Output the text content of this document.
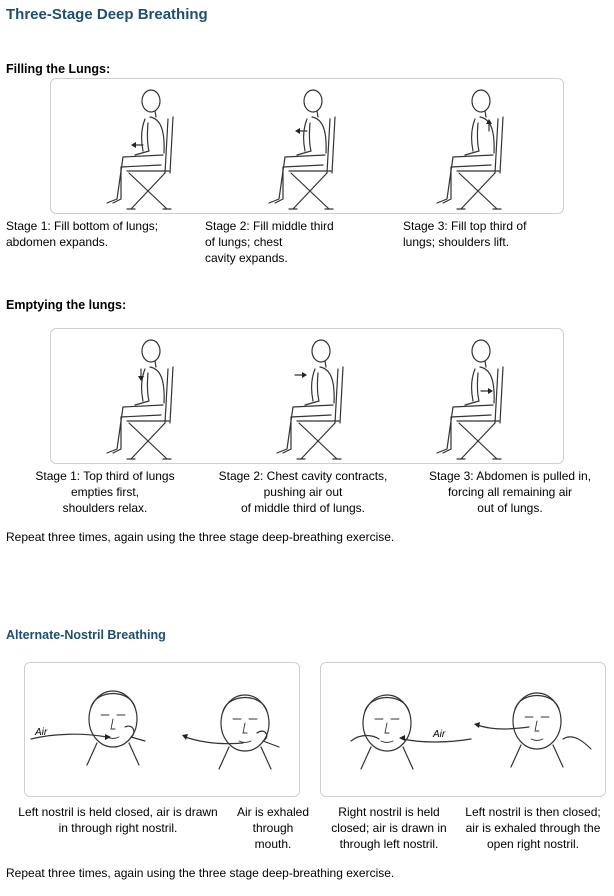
Three-Stage Deep Breathing
Filling the Lungs:
Stage 1: Fill bottom of lungs;
abdomen expands.
Stage 2: Fill middle third
of lungs; chest
cavity expands.
Stage 3: Fill top third of
lungs; shoulders lift.
Emptying the lungs:
Stage 1: Top third of lungs
empties first,
shoulders relax.
Stage 2: Chest cavity contracts,
pushing air out
of middle third of lungs.
Stage 3: Abdomen is pulled in,
forcing all remaining air
out of lungs.
Repeat three times, again using the three stage deep-breathing exercise.
Alternate-Nostril Breathing
Air	Air
Left nostril is held closed, air is drawn
in through right nostril.
Air is exhaled
through
mouth.
Right nostril is held
closed; air is drawn in
through left nostril.
Left nostril is then closed;
air is exhaled through the
open right nostril.
Repeat three times, again using the three stage deep-breathing exercise.
